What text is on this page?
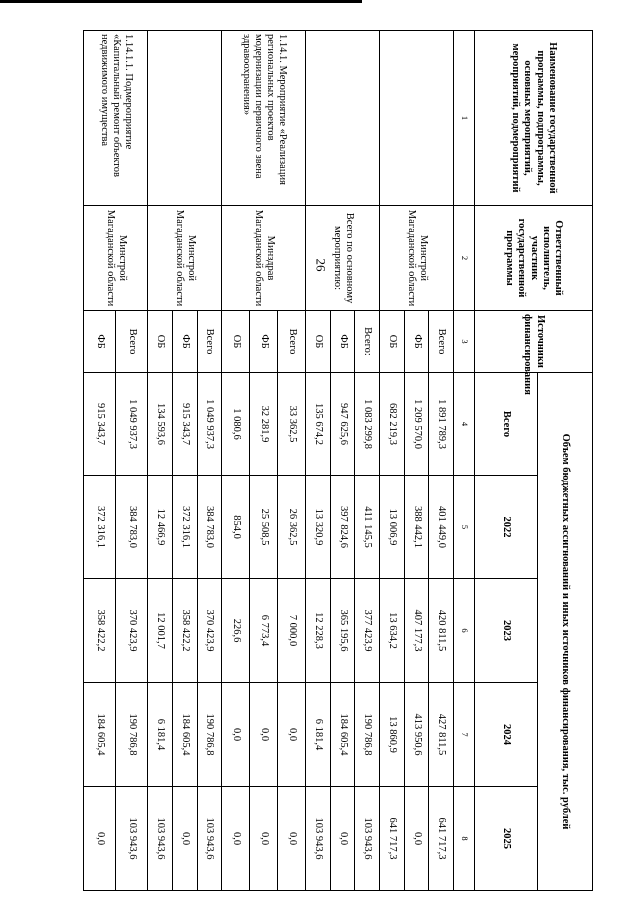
26
Наименование государственной программы, подпрограммы, основных мероприятий, мероприятий, подмероприятий	Ответственный исполнитель, участник государственной программы	Источники финансирования	Объем бюджетных ассигнований и иных источников финансирования, тыс. рублей				
			Всего	2022	2023	2024	2025
1	2	3	4	5	6	7	8
	Минстрой Магаданской области	Всего	1 891 789,3	401 449,0	420 811,5	427 811,5	641 717,3
		ФБ	1 209 570,0	388 442,1	407 177,3	413 950,6	0,0
		ОБ	682 219,3	13 006,9	13 634,2	13 860,9	641 717,3
	Всего по основному мероприятию:	Всего:	1 083 299,8	411 145,5	377 423,9	190 786,8	103 943,6
		ФБ	947 625,6	397 824,6	365 195,6	184 605,4	0,0
		ОБ	135 674,2	13 320,9	12 228,3	6 181,4	103 943,6
1.14.1. Мероприятие «Реализация региональных проектов модернизации первичного звена здравоохранения»	Минздрав Магаданской области	Всего	33 362,5	26 362,5	7 000,0	0,0	0,0
		ФБ	32 281,9	25 508,5	6 773,4	0,0	0,0
		ОБ	1 080,6	854,0	226,6	0,0	0,0
	Минстрой Магаданской области	Всего	1 049 937,3	384 783,0	370 423,9	190 786,8	103 943,6
		ФБ	915 343,7	372 316,1	358 422,2	184 605,4	0,0
		ОБ	134 593,6	12 466,9	12 001,7	6 181,4	103 943,6
1.14.1.1. Подмероприятие «Капитальный ремонт объектов недвижимого имущества	Минстрой Магаданской области	Всего	1 049 937,3	384 783,0	370 423,9	190 786,8	103 943,6
		ФБ	915 343,7	372 316,1	358 422,2	184 605,4	0,0
